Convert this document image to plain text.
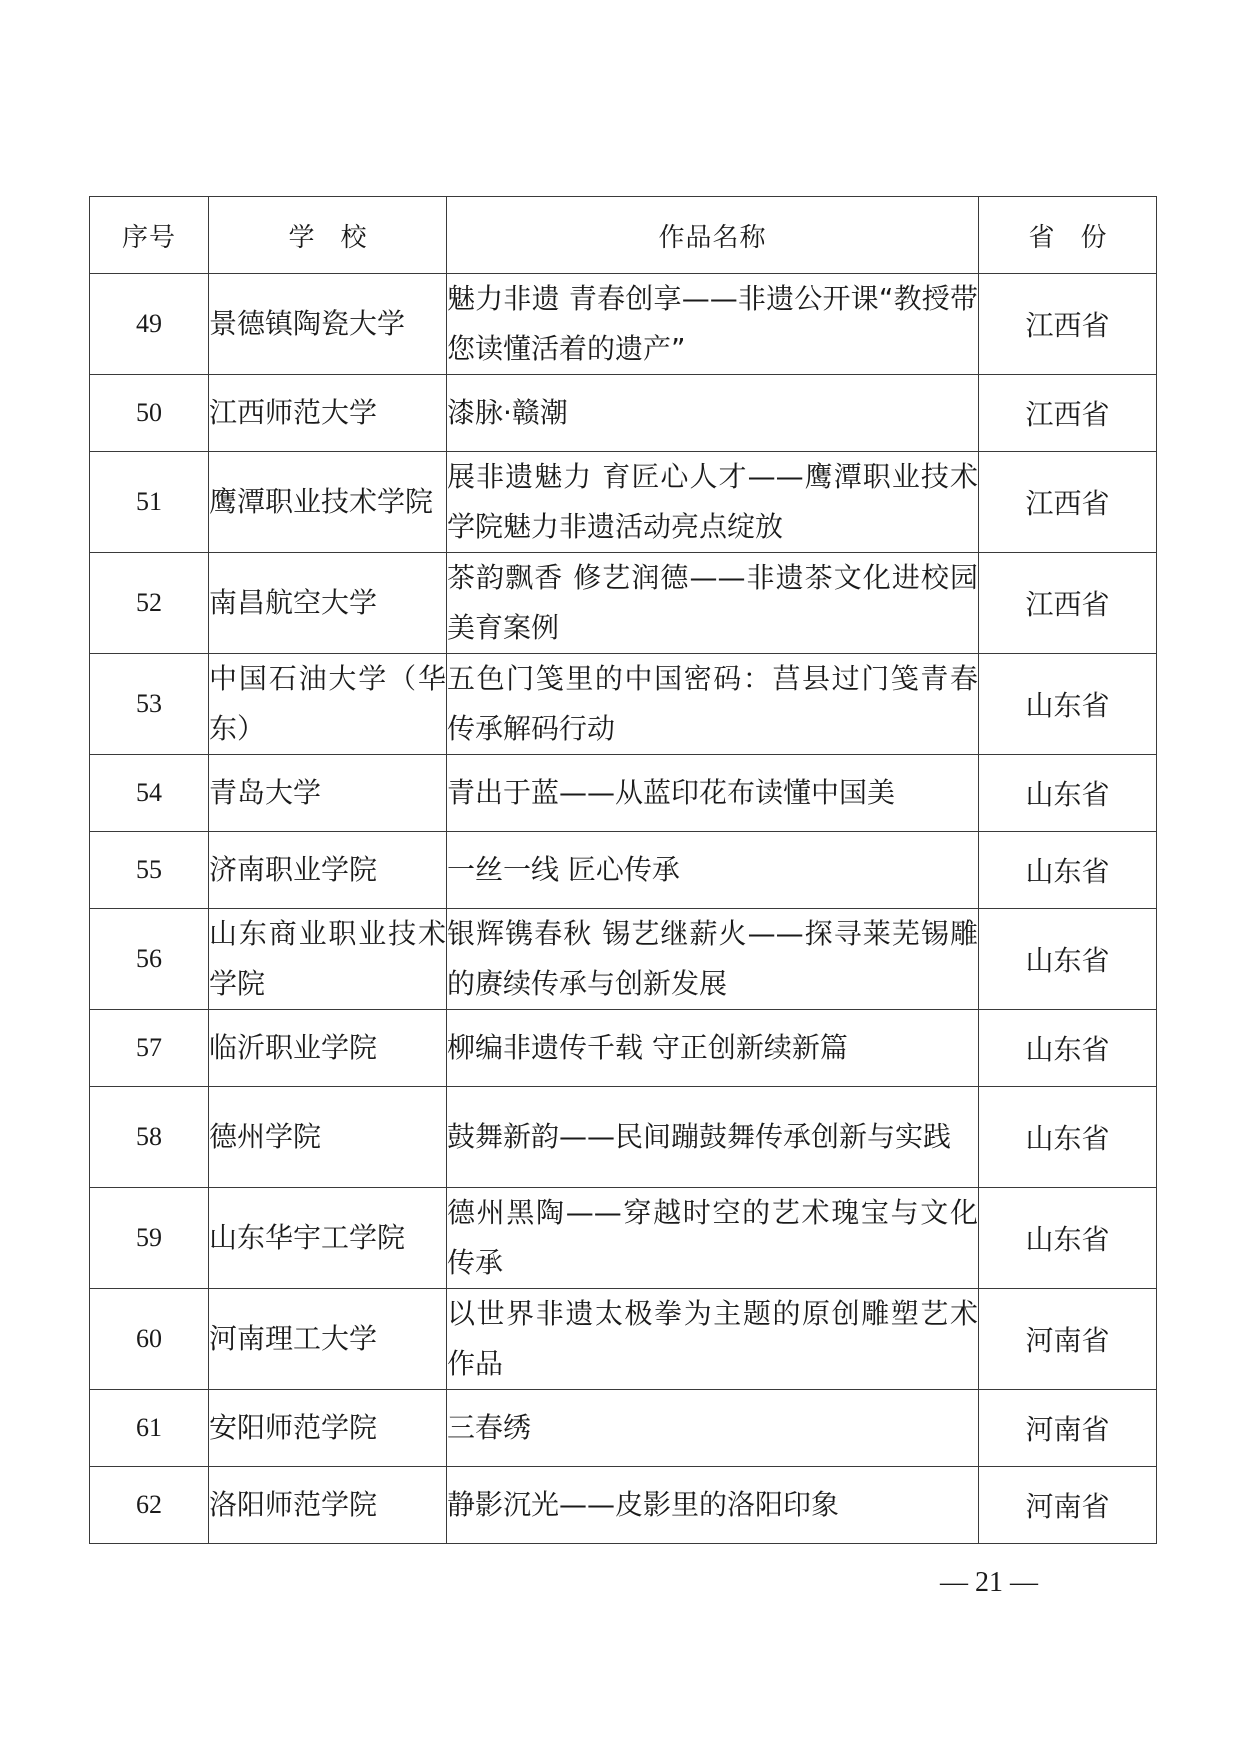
序号	学　校	作品名称	省　份
49	景德镇陶瓷大学	魅力非遗 青春创享——非遗公开课“教授带您读懂活着的遗产”	江西省
50	江西师范大学	漆脉·赣潮	江西省
51	鹰潭职业技术学院	展非遗魅力 育匠心人才——鹰潭职业技术学院魅力非遗活动亮点绽放	江西省
52	南昌航空大学	茶韵飘香 修艺润德——非遗茶文化进校园美育案例	江西省
53	中国石油大学（华东）	五色门笺里的中国密码：莒县过门笺青春传承解码行动	山东省
54	青岛大学	青出于蓝——从蓝印花布读懂中国美	山东省
55	济南职业学院	一丝一线 匠心传承	山东省
56	山东商业职业技术学院	银辉镌春秋 锡艺继薪火——探寻莱芜锡雕的赓续传承与创新发展	山东省
57	临沂职业学院	柳编非遗传千载 守正创新续新篇	山东省
58	德州学院	鼓舞新韵——民间蹦鼓舞传承创新与实践	山东省
59	山东华宇工学院	德州黑陶——穿越时空的艺术瑰宝与文化传承	山东省
60	河南理工大学	以世界非遗太极拳为主题的原创雕塑艺术作品	河南省
61	安阳师范学院	三春绣	河南省
62	洛阳师范学院	静影沉光——皮影里的洛阳印象	河南省
— 21 —
